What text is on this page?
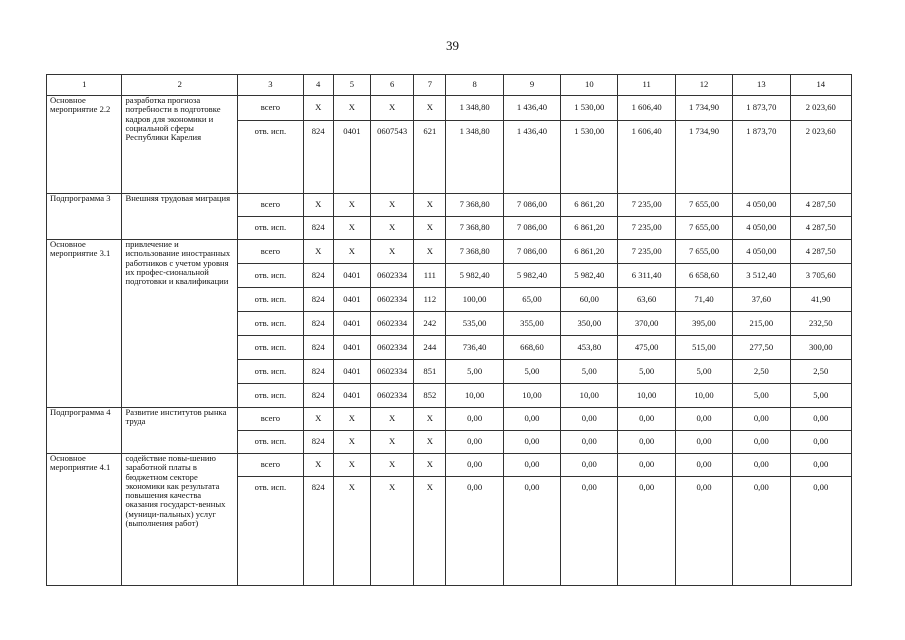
39
1	2	3	4	5	6	7	8	9	10	11	12	13	14
Основное мероприятие 2.2	разработка прогноза потребности в подготовке кадров для экономики и социальной сферы Республики Карелия	всего	Х	Х	Х	Х	1 348,80	1 436,40	1 530,00	1 606,40	1 734,90	1 873,70	2 023,60
		отв. исп.	824	0401	0607543	621	1 348,80	1 436,40	1 530,00	1 606,40	1 734,90	1 873,70	2 023,60
Подпрограмма 3	Внешняя трудовая миграция	всего	Х	Х	Х	Х	7 368,80	7 086,00	6 861,20	7 235,00	7 655,00	4 050,00	4 287,50
		отв. исп.	824	Х	Х	Х	7 368,80	7 086,00	6 861,20	7 235,00	7 655,00	4 050,00	4 287,50
Основное мероприятие 3.1	привлечение и использование иностранных работников с учетом уровня их профес-сиональной подготовки и квалификации	всего	Х	Х	Х	Х	7 368,80	7 086,00	6 861,20	7 235,00	7 655,00	4 050,00	4 287,50
		отв. исп.	824	0401	0602334	111	5 982,40	5 982,40	5 982,40	6 311,40	6 658,60	3 512,40	3 705,60
		отв. исп.	824	0401	0602334	112	100,00	65,00	60,00	63,60	71,40	37,60	41,90
		отв. исп.	824	0401	0602334	242	535,00	355,00	350,00	370,00	395,00	215,00	232,50
		отв. исп.	824	0401	0602334	244	736,40	668,60	453,80	475,00	515,00	277,50	300,00
		отв. исп.	824	0401	0602334	851	5,00	5,00	5,00	5,00	5,00	2,50	2,50
		отв. исп.	824	0401	0602334	852	10,00	10,00	10,00	10,00	10,00	5,00	5,00
Подпрограмма 4	Развитие институтов рынка труда	всего	Х	Х	Х	Х	0,00	0,00	0,00	0,00	0,00	0,00	0,00
		отв. исп.	824	Х	Х	Х	0,00	0,00	0,00	0,00	0,00	0,00	0,00
Основное мероприятие 4.1	содействие повы-шению заработной платы в бюджетном секторе экономики как результата повышения качества оказания государст-венных (муници-пальных) услуг (выполнения работ)	всего	Х	Х	Х	Х	0,00	0,00	0,00	0,00	0,00	0,00	0,00
		отв. исп.	824	Х	Х	Х	0,00	0,00	0,00	0,00	0,00	0,00	0,00
